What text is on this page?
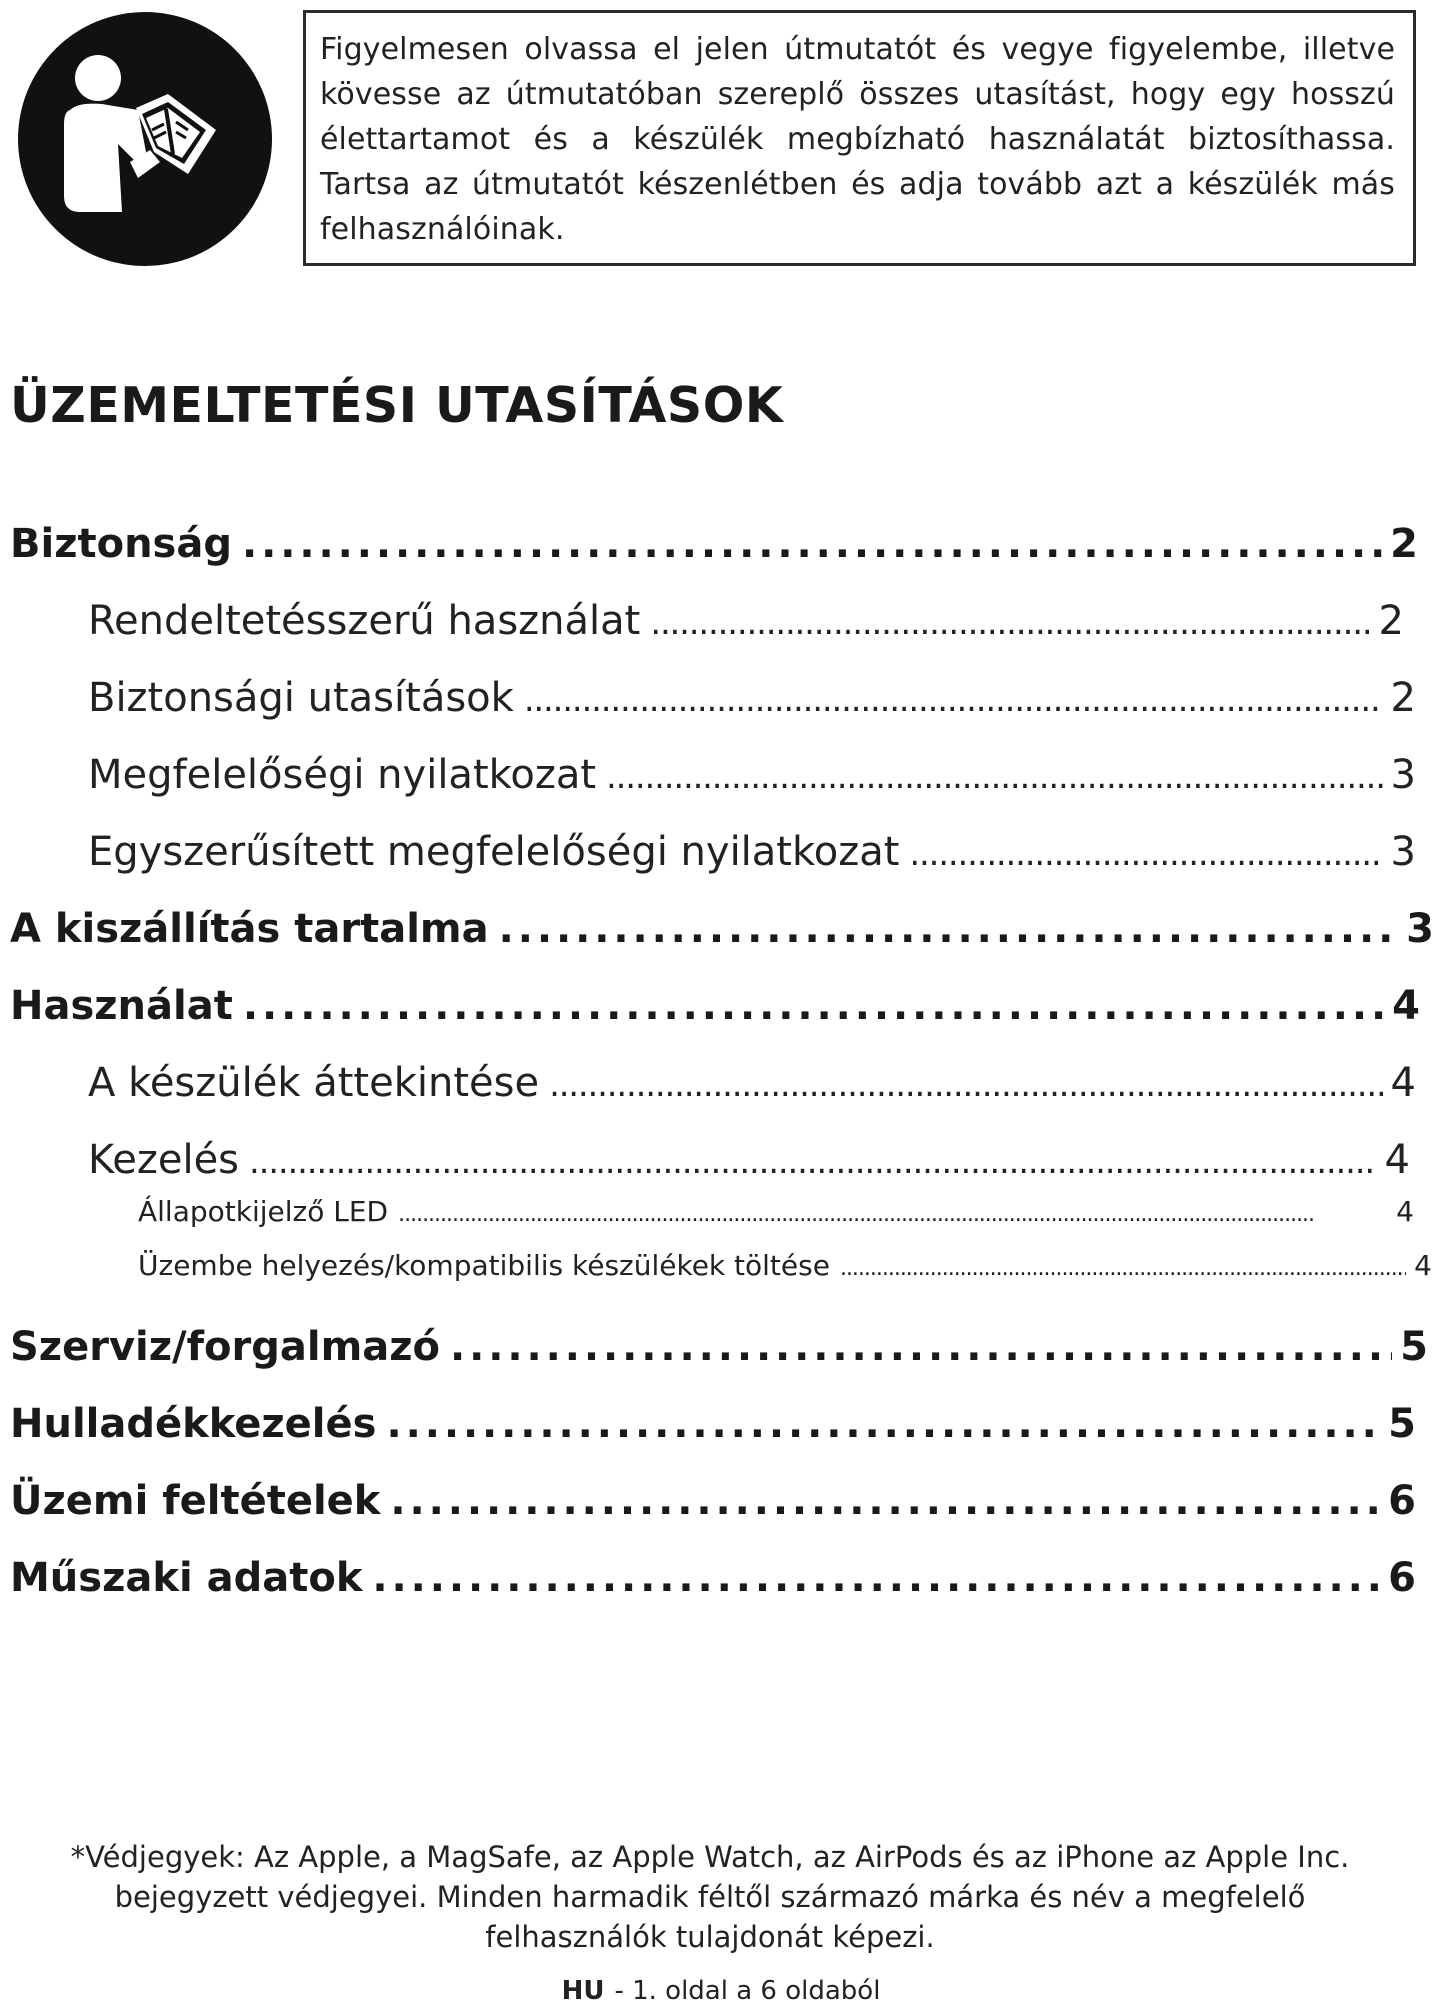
Figyelmesen olvassa el jelen útmutatót és vegye figyelembe, illetve kövesse az útmutatóban szereplő összes utasítást, hogy egy hosszú élettartamot és a készülék megbízható használatát biztosíthassa. Tartsa az útmutatót készenlétben és adja tovább azt a készülék más felhasználóinak.

ÜZEMELTETÉSI UTASÍTÁSOK
Biztonság . . .	2
Rendeltetésszerű használat . . .	2
Biztonsági utasítások . . .	2
Megfelelőségi nyilatkozat . . .	3
Egyszerűsített megfelelőségi nyilatkozat . . .	3
A kiszállítás tartalma . . .	3
Használat . . .	4
A készülék áttekintése . . .	4
Kezelés . . .	4
Állapotkijelző LED . . .	4
Üzembe helyezés/kompatibilis készülékek töltése . . .	4
Szerviz/forgalmazó . . .	5
Hulladékkezelés . . .	5
Üzemi feltételek . . .	6
Műszaki adatok . . .	6
*Védjegyek: Az Apple, a MagSafe, az Apple Watch, az AirPods és az iPhone az Apple Inc.
bejegyzett védjegyei. Minden harmadik féltől származó márka és név a megfelelő
felhasználók tulajdonát képezi.
HU - 1. oldal a 6 oldaból
